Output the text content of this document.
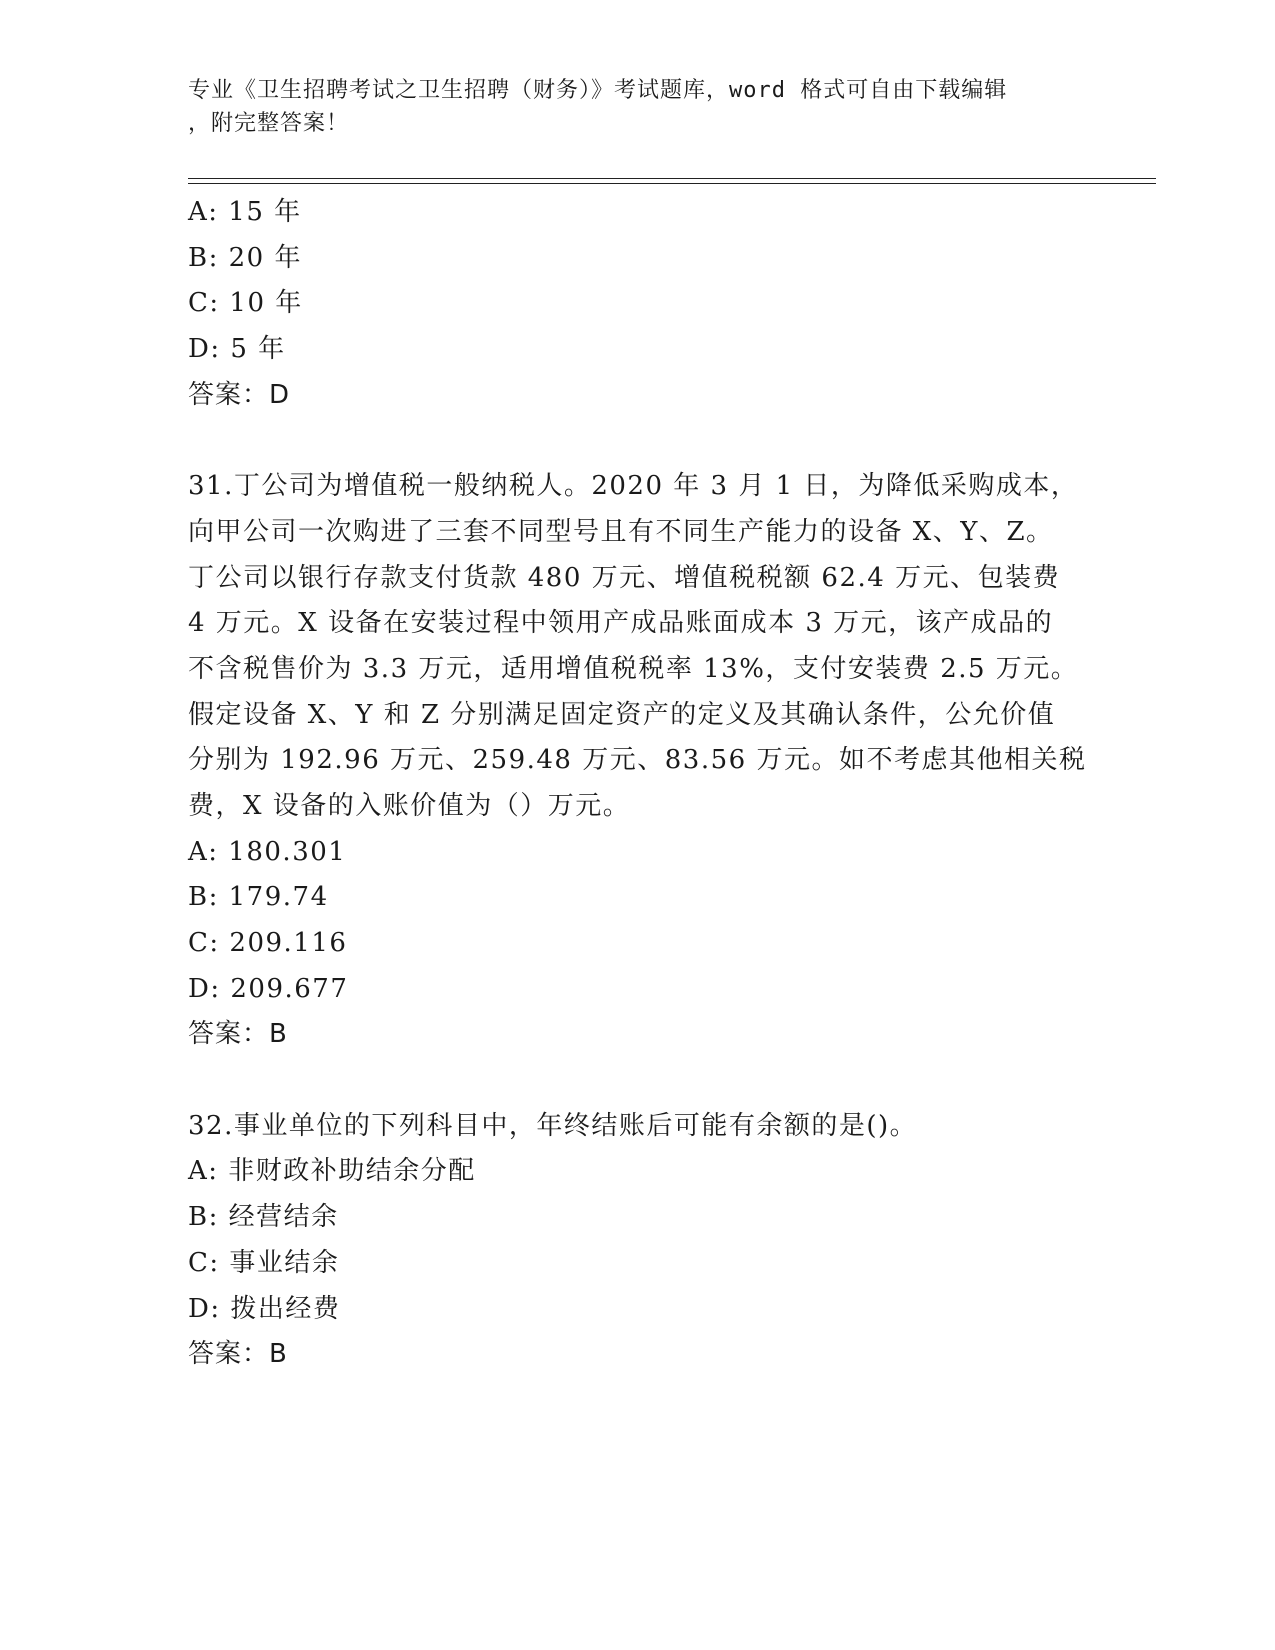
专业《卫生招聘考试之卫生招聘（财务）》考试题库，word 格式可自由下载编辑
，附完整答案！
A: 15 年
B: 20 年
C: 10 年
D: 5 年
答案：D
31.丁公司为增值税一般纳税人。2020 年 3 月 1 日，为降低采购成本，
向甲公司一次购进了三套不同型号且有不同生产能力的设备 X、Y、Z。
丁公司以银行存款支付货款 480 万元、增值税税额 62.4 万元、包装费
4 万元。X 设备在安装过程中领用产成品账面成本 3 万元，该产成品的
不含税售价为 3.3 万元，适用增值税税率 13%，支付安装费 2.5 万元。
假定设备 X、Y 和 Z 分别满足固定资产的定义及其确认条件，公允价值
分别为 192.96 万元、259.48 万元、83.56 万元。如不考虑其他相关税
费，X 设备的入账价值为（）万元。
A: 180.301
B: 179.74
C: 209.116
D: 209.677
答案：B
32.事业单位的下列科目中，年终结账后可能有余额的是()。
A: 非财政补助结余分配
B: 经营结余
C: 事业结余
D: 拨出经费
答案：B
